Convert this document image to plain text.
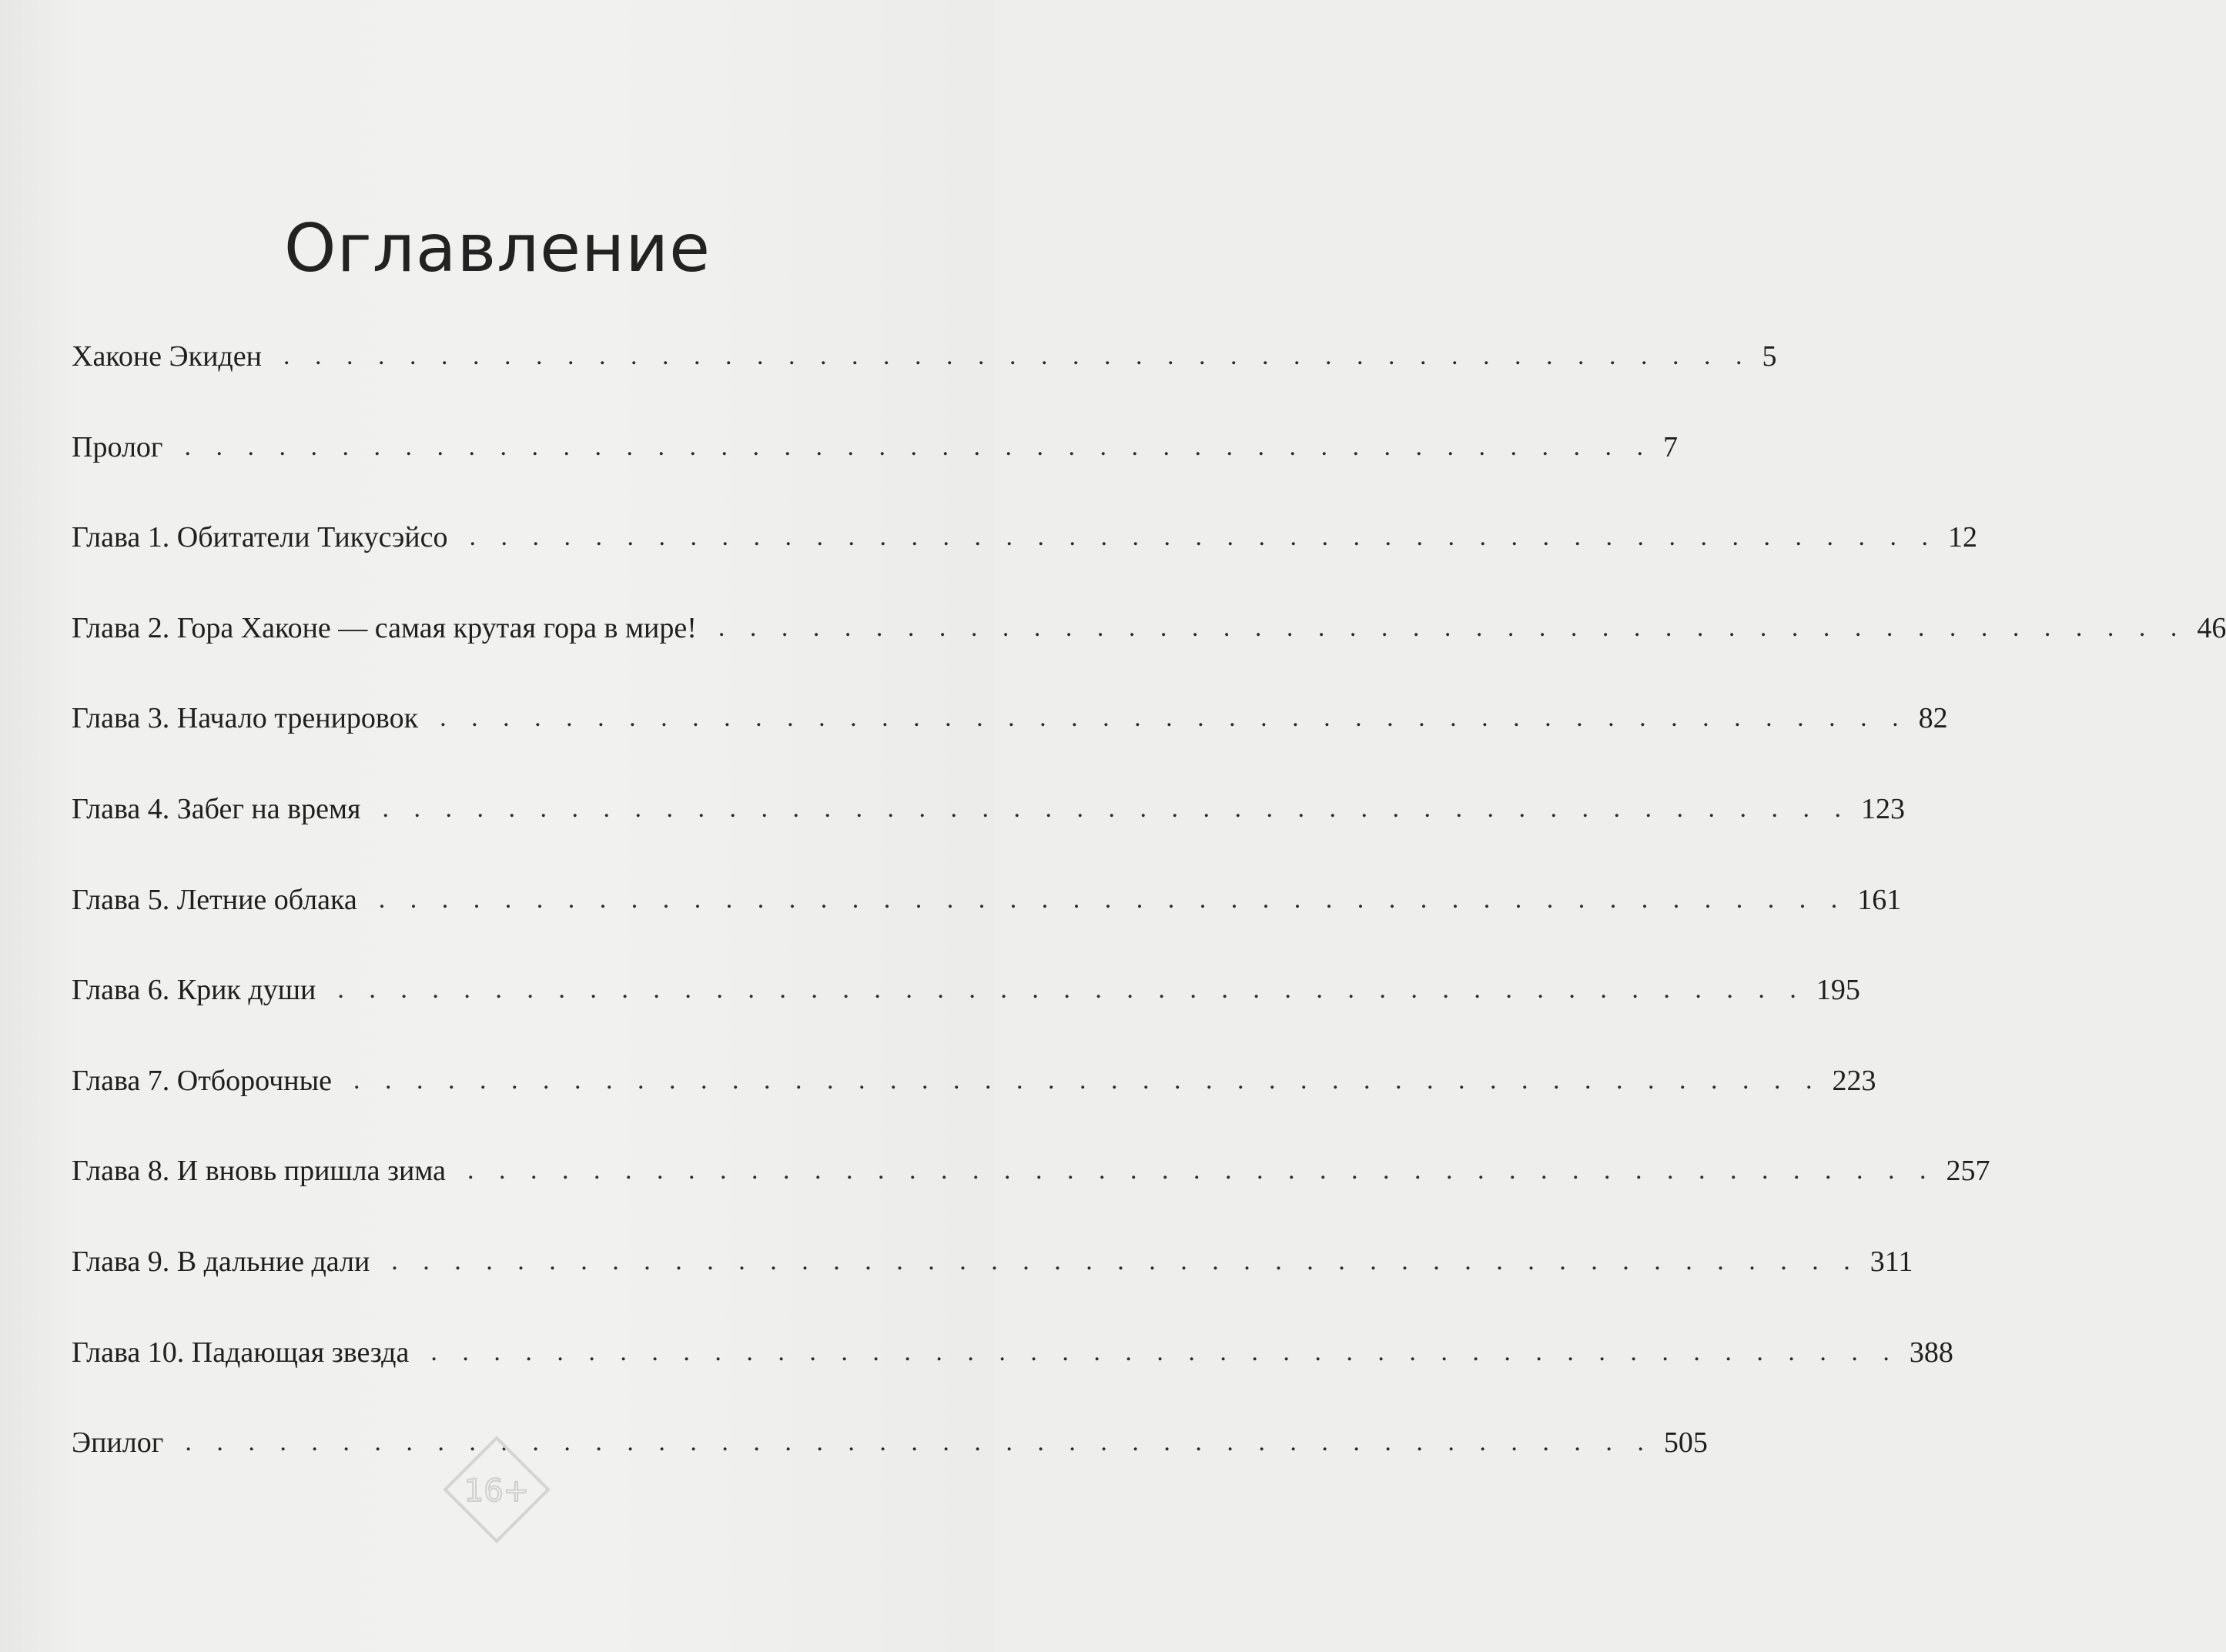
Оглавление
Хаконе Экиден . . . . . . . . . . . . . . . . . . . . . . . . . . . . . . . . . . . . . . . . . . . . . . . 5
Пролог . . . . . . . . . . . . . . . . . . . . . . . . . . . . . . . . . . . . . . . . . . . . . . . 7
Глава 1. Обитатели Тикусэйсо . . . . . . . . . . . . . . . . . . . . . . . . . . . . . . . . . . . . . . . . . . . . . . . 12
Глава 2. Гора Хаконе — самая крутая гора в мире! . . . . . . . . . . . . . . . . . . . . . . . . . . . . . . . . . . . . . . . . . . . . . . . 46
Глава 3. Начало тренировок . . . . . . . . . . . . . . . . . . . . . . . . . . . . . . . . . . . . . . . . . . . . . . . 82
Глава 4. Забег на время . . . . . . . . . . . . . . . . . . . . . . . . . . . . . . . . . . . . . . . . . . . . . . . 123
Глава 5. Летние облака . . . . . . . . . . . . . . . . . . . . . . . . . . . . . . . . . . . . . . . . . . . . . . . 161
Глава 6. Крик души . . . . . . . . . . . . . . . . . . . . . . . . . . . . . . . . . . . . . . . . . . . . . . . 195
Глава 7. Отборочные . . . . . . . . . . . . . . . . . . . . . . . . . . . . . . . . . . . . . . . . . . . . . . . 223
Глава 8. И вновь пришла зима . . . . . . . . . . . . . . . . . . . . . . . . . . . . . . . . . . . . . . . . . . . . . . . 257
Глава 9. В дальние дали . . . . . . . . . . . . . . . . . . . . . . . . . . . . . . . . . . . . . . . . . . . . . . . 311
Глава 10. Падающая звезда . . . . . . . . . . . . . . . . . . . . . . . . . . . . . . . . . . . . . . . . . . . . . . . 388
Эпилог . . . . . . . . . . . . . . . . . . . . . . . . . . . . . . . . . . . . . . . . . . . . . . . 505
16+
